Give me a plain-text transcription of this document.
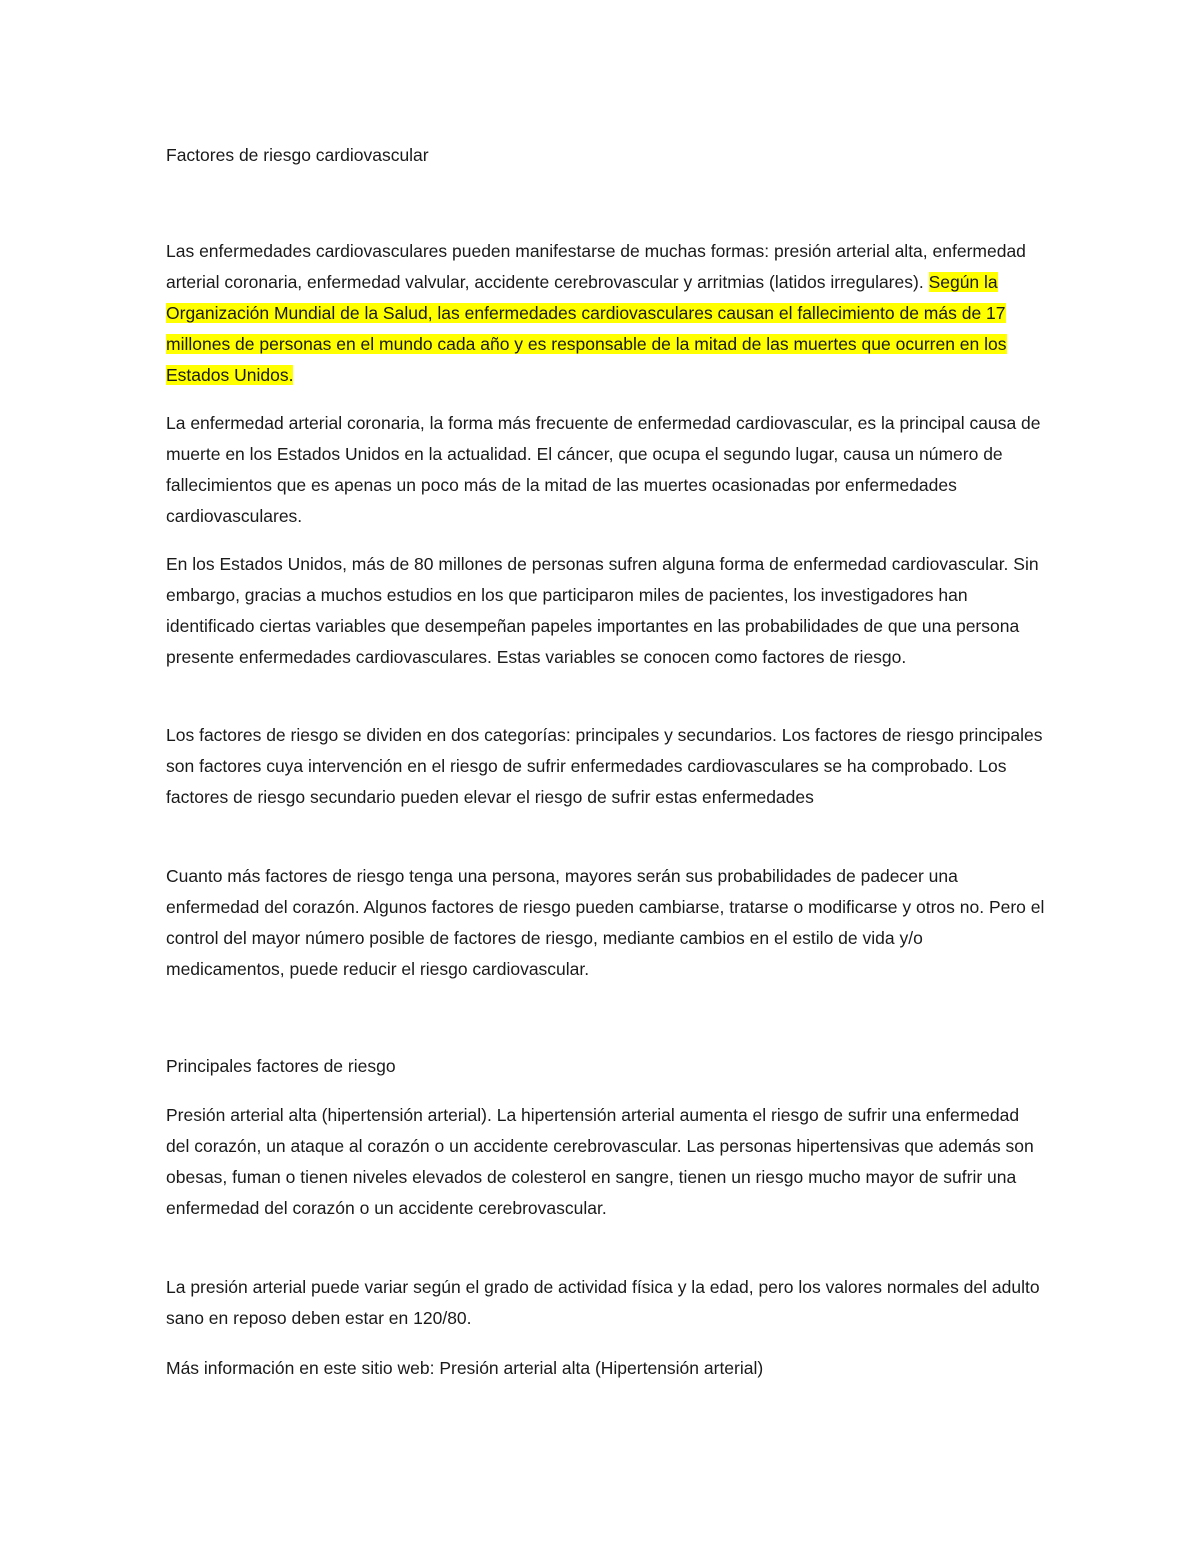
Factores de riesgo cardiovascular

Las enfermedades cardiovasculares pueden manifestarse de muchas formas: presión arterial alta, enfermedad arterial coronaria, enfermedad valvular, accidente cerebrovascular y arritmias (latidos irregulares). Según la Organización Mundial de la Salud, las enfermedades cardiovasculares causan el fallecimiento de más de 17 millones de personas en el mundo cada año y es responsable de la mitad de las muertes que ocurren en los Estados Unidos.

La enfermedad arterial coronaria, la forma más frecuente de enfermedad cardiovascular, es la principal causa de muerte en los Estados Unidos en la actualidad. El cáncer, que ocupa el segundo lugar, causa un número de fallecimientos que es apenas un poco más de la mitad de las muertes ocasionadas por enfermedades cardiovasculares.

En los Estados Unidos, más de 80 millones de personas sufren alguna forma de enfermedad cardiovascular. Sin embargo, gracias a muchos estudios en los que participaron miles de pacientes, los investigadores han identificado ciertas variables que desempeñan papeles importantes en las probabilidades de que una persona presente enfermedades cardiovasculares. Estas variables se conocen como factores de riesgo.

Los factores de riesgo se dividen en dos categorías: principales y secundarios. Los factores de riesgo principales son factores cuya intervención en el riesgo de sufrir enfermedades cardiovasculares se ha comprobado. Los factores de riesgo secundario pueden elevar el riesgo de sufrir estas enfermedades

Cuanto más factores de riesgo tenga una persona, mayores serán sus probabilidades de padecer una enfermedad del corazón. Algunos factores de riesgo pueden cambiarse, tratarse o modificarse y otros no. Pero el control del mayor número posible de factores de riesgo, mediante cambios en el estilo de vida y/o medicamentos, puede reducir el riesgo cardiovascular.

Principales factores de riesgo

Presión arterial alta (hipertensión arterial). La hipertensión arterial aumenta el riesgo de sufrir una enfermedad del corazón, un ataque al corazón o un accidente cerebrovascular. Las personas hipertensivas que además son obesas, fuman o tienen niveles elevados de colesterol en sangre, tienen un riesgo mucho mayor de sufrir una enfermedad del corazón o un accidente cerebrovascular.

La presión arterial puede variar según el grado de actividad física y la edad, pero los valores normales del adulto sano en reposo deben estar en 120/80.

Más información en este sitio web: Presión arterial alta (Hipertensión arterial)
